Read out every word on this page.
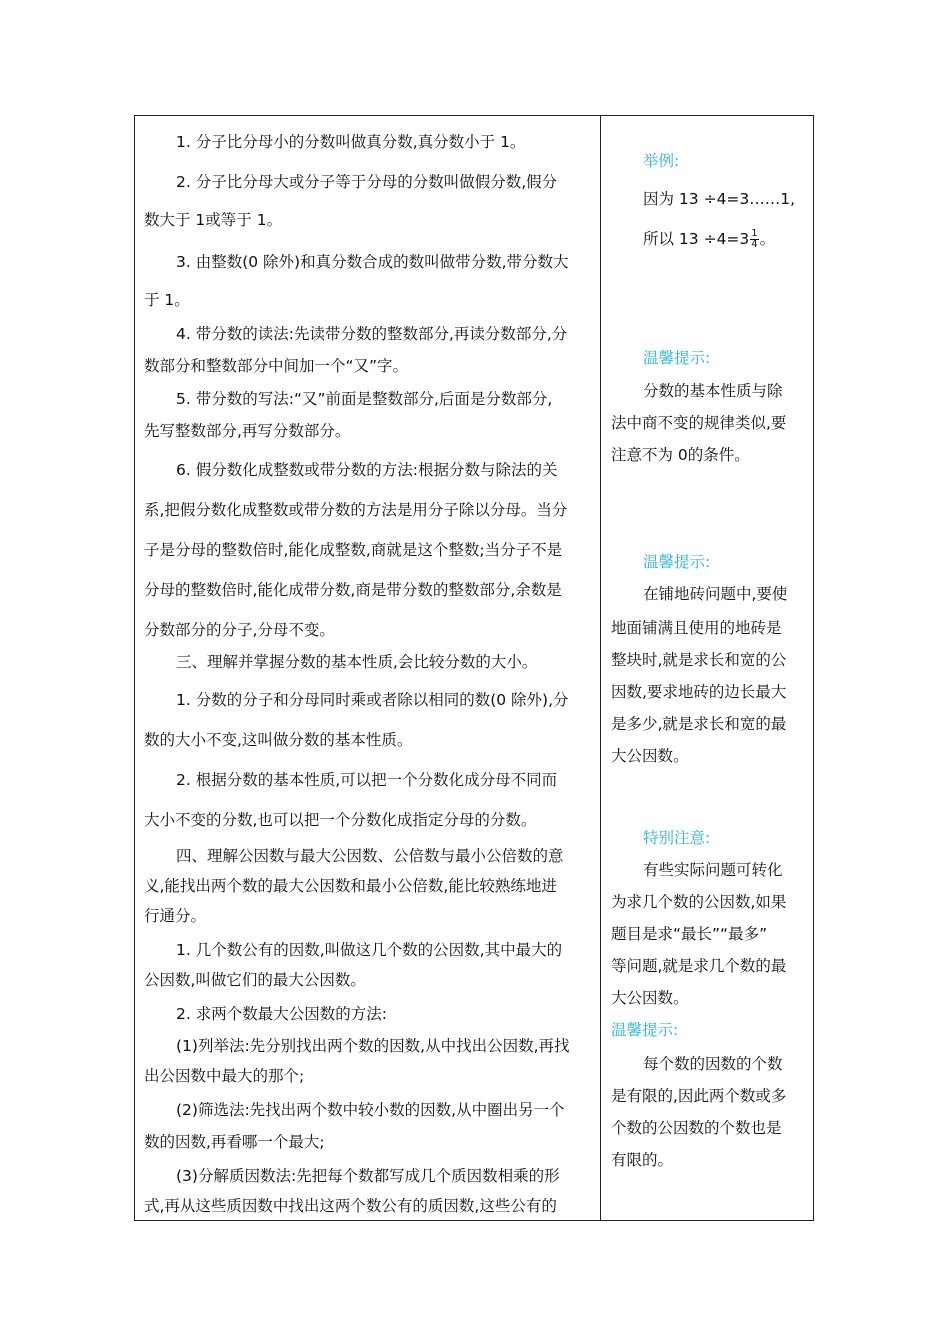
1. 分子比分母小的分数叫做真分数,真分数小于 1。
2. 分子比分母大或分子等于分母的分数叫做假分数,假分
数大于 1或等于 1。
3. 由整数(0 除外)和真分数合成的数叫做带分数,带分数大
于 1。
4. 带分数的读法:先读带分数的整数部分,再读分数部分,分
数部分和整数部分中间加一个“又”字。
5. 带分数的写法:“又”前面是整数部分,后面是分数部分,
先写整数部分,再写分数部分。
6. 假分数化成整数或带分数的方法:根据分数与除法的关
系,把假分数化成整数或带分数的方法是用分子除以分母。当分
子是分母的整数倍时,能化成整数,商就是这个整数;当分子不是
分母的整数倍时,能化成带分数,商是带分数的整数部分,余数是
分数部分的分子,分母不变。
三、理解并掌握分数的基本性质,会比较分数的大小。
1. 分数的分子和分母同时乘或者除以相同的数(0 除外),分
数的大小不变,这叫做分数的基本性质。
2. 根据分数的基本性质,可以把一个分数化成分母不同而
大小不变的分数,也可以把一个分数化成指定分母的分数。
四、理解公因数与最大公因数、公倍数与最小公倍数的意
义,能找出两个数的最大公因数和最小公倍数,能比较熟练地进
行通分。
1. 几个数公有的因数,叫做这几个数的公因数,其中最大的
公因数,叫做它们的最大公因数。
2. 求两个数最大公因数的方法:
(1)列举法:先分别找出两个数的因数,从中找出公因数,再找
出公因数中最大的那个;
(2)筛选法:先找出两个数中较小数的因数,从中圈出另一个
数的因数,再看哪一个最大;
(3)分解质因数法:先把每个数都写成几个质因数相乘的形
式,再从这些质因数中找出这两个数公有的质因数,这些公有的
举例:
因为 13 ÷4=3……1,
所以 $13 \div 4=3 \frac{1}{4}$ 。
温馨提示:
分数的基本性质与除
法中商不变的规律类似,要
注意不为 0的条件。
温馨提示:
在铺地砖问题中,要使
地面铺满且使用的地砖是
整块时,就是求长和宽的公
因数,要求地砖的边长最大
是多少,就是求长和宽的最
大公因数。
特别注意:
有些实际问题可转化
为求几个数的公因数,如果
题目是求“最长”“最多”
等问题,就是求几个数的最
大公因数。
温馨提示:
每个数的因数的个数
是有限的,因此两个数或多
个数的公因数的个数也是
有限的。
